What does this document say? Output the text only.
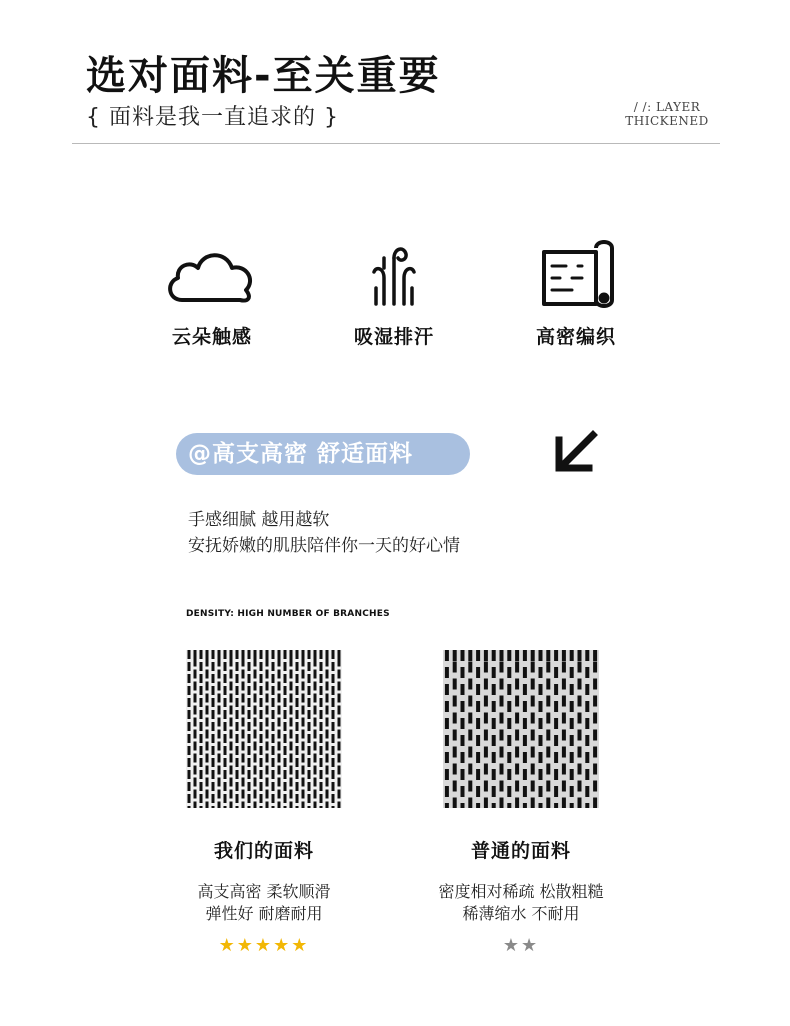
选对面料-至关重要
{ 面料是我一直追求的 }	/ /: LAYER
THICKENED
云朵触感	吸湿排汗	高密编织
@高支高密 舒适面料
手感细腻 越用越软
安抚娇嫩的肌肤陪伴你一天的好心情
DENSITY: HIGH NUMBER OF BRANCHES
我们的面料
高支高密 柔软顺滑
弹性好 耐磨耐用
★★★★★
普通的面料
密度相对稀疏 松散粗糙
稀薄缩水 不耐用
★★
